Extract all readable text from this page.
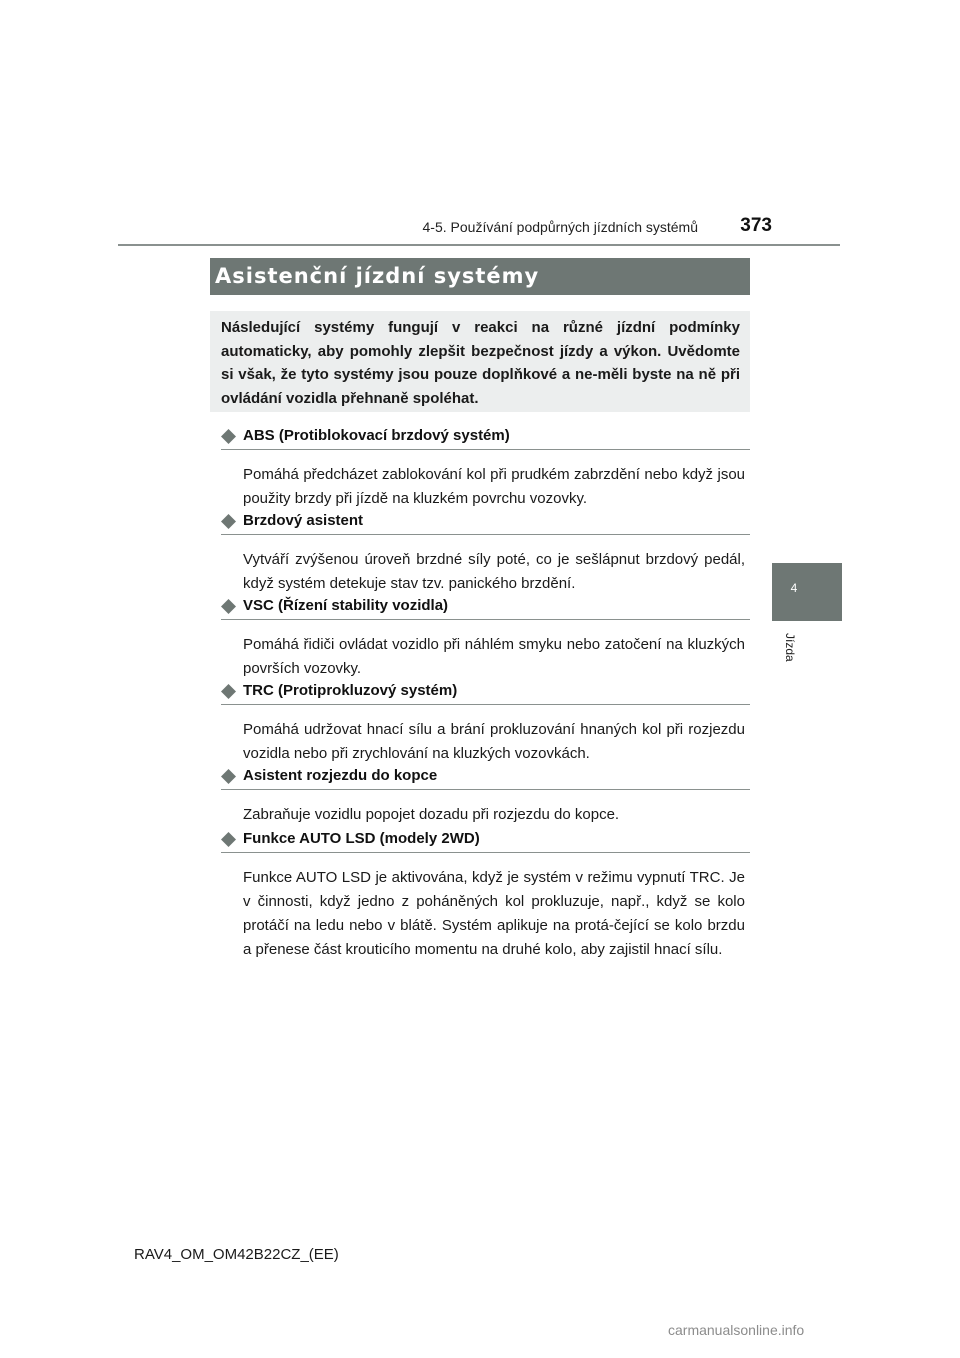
4-5. Používání podpůrných jízdních systémů 373
4
Jízda
Asistenční jízdní systémy

Následující systémy fungují v reakci na různé jízdní podmínky automaticky, aby pomohly zlepšit bezpečnost jízdy a výkon. Uvědomte si však, že tyto systémy jsou pouze doplňkové a ne-měli byste na ně při ovládání vozidla přehnaně spoléhat.

ABS (Protiblokovací brzdový systém)

Pomáhá předcházet zablokování kol při prudkém zabrzdění nebo když jsou použity brzdy při jízdě na kluzkém povrchu vozovky.

Brzdový asistent

Vytváří zvýšenou úroveň brzdné síly poté, co je sešlápnut brzdový pedál, když systém detekuje stav tzv. panického brzdění.

VSC (Řízení stability vozidla)

Pomáhá řidiči ovládat vozidlo při náhlém smyku nebo zatočení na kluzkých površích vozovky.

TRC (Protiprokluzový systém)

Pomáhá udržovat hnací sílu a brání prokluzování hnaných kol při rozjezdu vozidla nebo při zrychlování na kluzkých vozovkách.

Asistent rozjezdu do kopce

Zabraňuje vozidlu popojet dozadu při rozjezdu do kopce.

Funkce AUTO LSD (modely 2WD)

Funkce AUTO LSD je aktivována, když je systém v režimu vypnutí TRC. Je v činnosti, když jedno z poháněných kol prokluzuje, např., když se kolo protáčí na ledu nebo v blátě. Systém aplikuje na protá-čející se kolo brzdu a přenese část krouticího momentu na druhé kolo, aby zajistil hnací sílu.

RAV4_OM_OM42B22CZ_(EE)
carmanualsonline.info
